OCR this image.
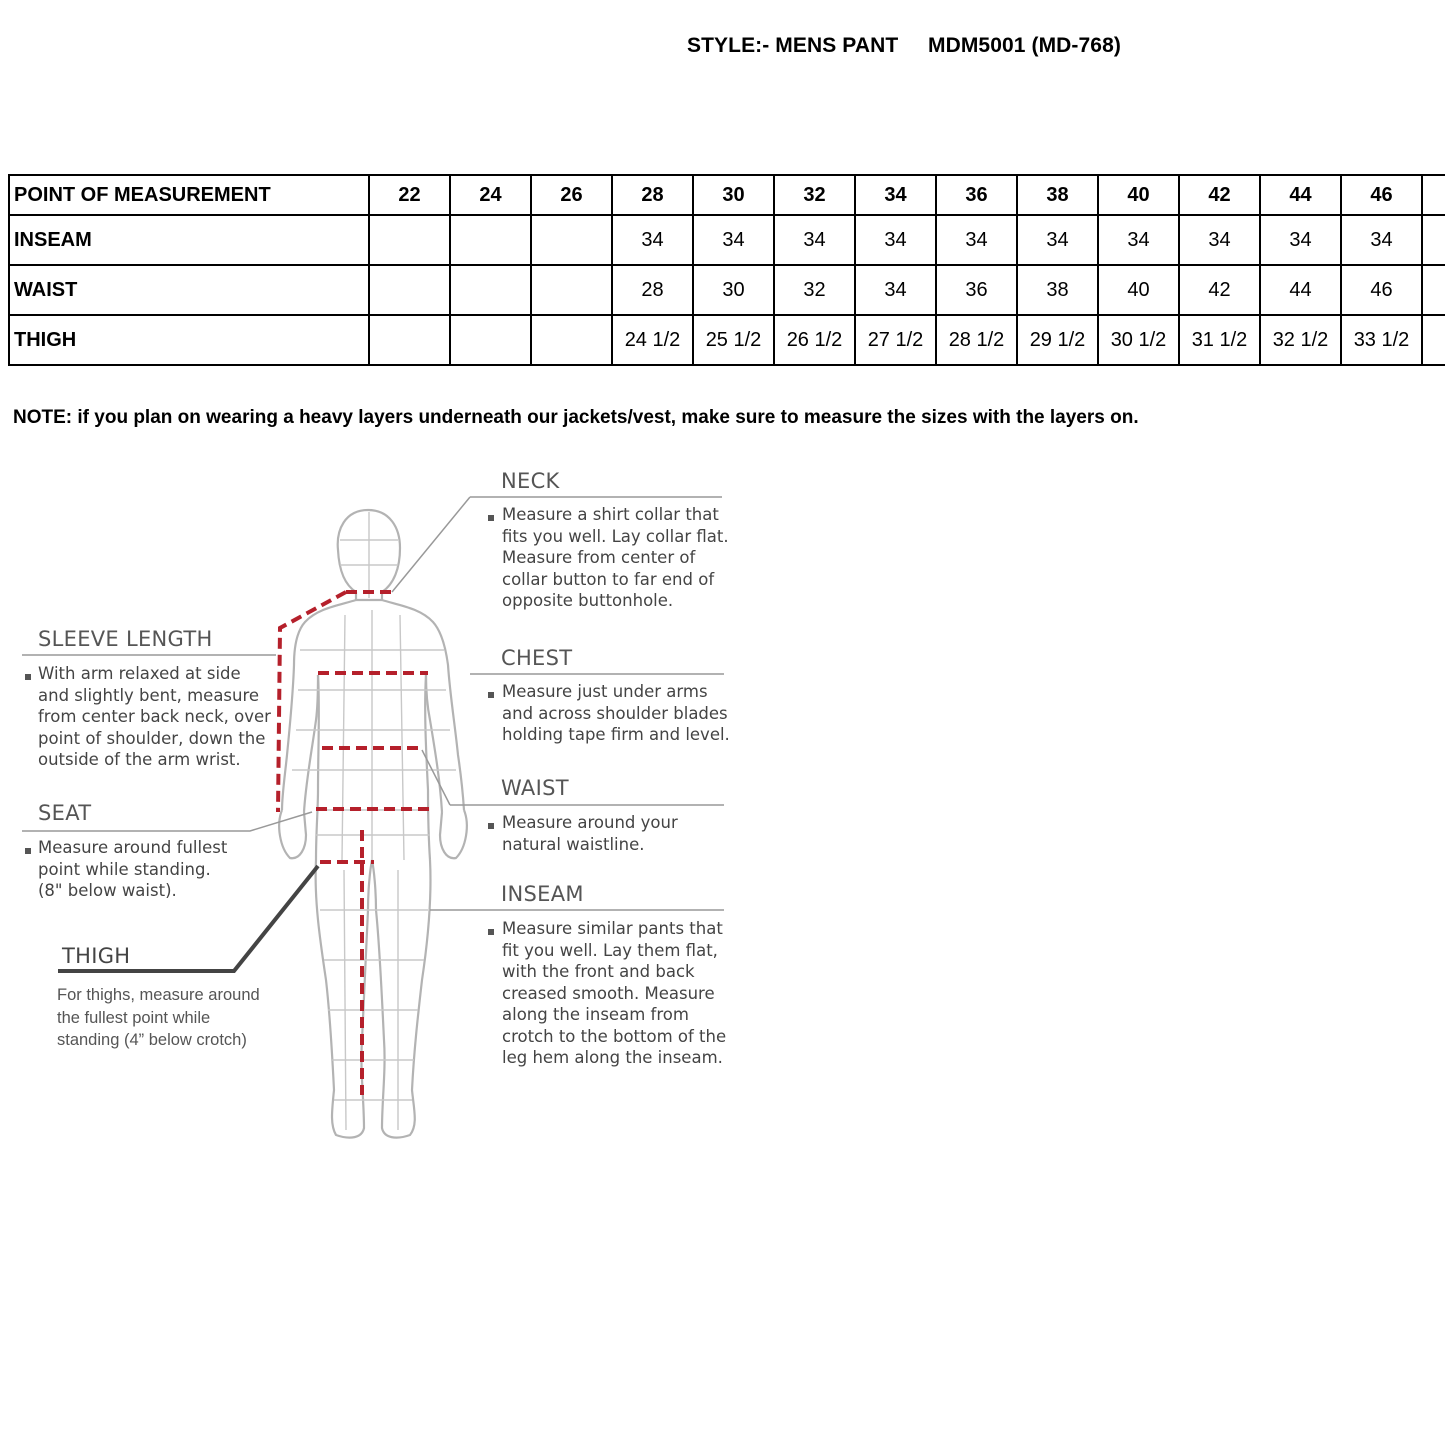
STYLE:- MENS PANT     MDM5001 (MD-768)
POINT OF MEASUREMENT	22	24	26	28	30	32	34	36	38	40	42	44	46	
INSEAM				34	34	34	34	34	34	34	34	34	34	
WAIST				28	30	32	34	36	38	40	42	44	46	
THIGH				24 1/2	25 1/2	26 1/2	27 1/2	28 1/2	29 1/2	30 1/2	31 1/2	32 1/2	33 1/2	
NOTE: if you plan on wearing a heavy layers underneath our jackets/vest, make sure to measure the sizes with the layers on.
NECK
Measure a shirt collar that
fits you well. Lay collar flat.
Measure from center of
collar button to far end of
opposite buttonhole.
SLEEVE LENGTH
With arm relaxed at side
and slightly bent, measure
from center back neck, over
point of shoulder, down the
outside of the arm wrist.
CHEST
Measure just under arms
and across shoulder blades
holding tape firm and level.
WAIST
Measure around your
natural waistline.
SEAT
Measure around fullest
point while standing.
(8" below waist).	INSEAM
Measure similar pants that
fit you well. Lay them flat,
with the front and back
creased smooth. Measure
along the inseam from
crotch to the bottom of the
leg hem along the inseam.
THIGH
For thighs, measure around
the fullest point while
standing (4” below crotch)
